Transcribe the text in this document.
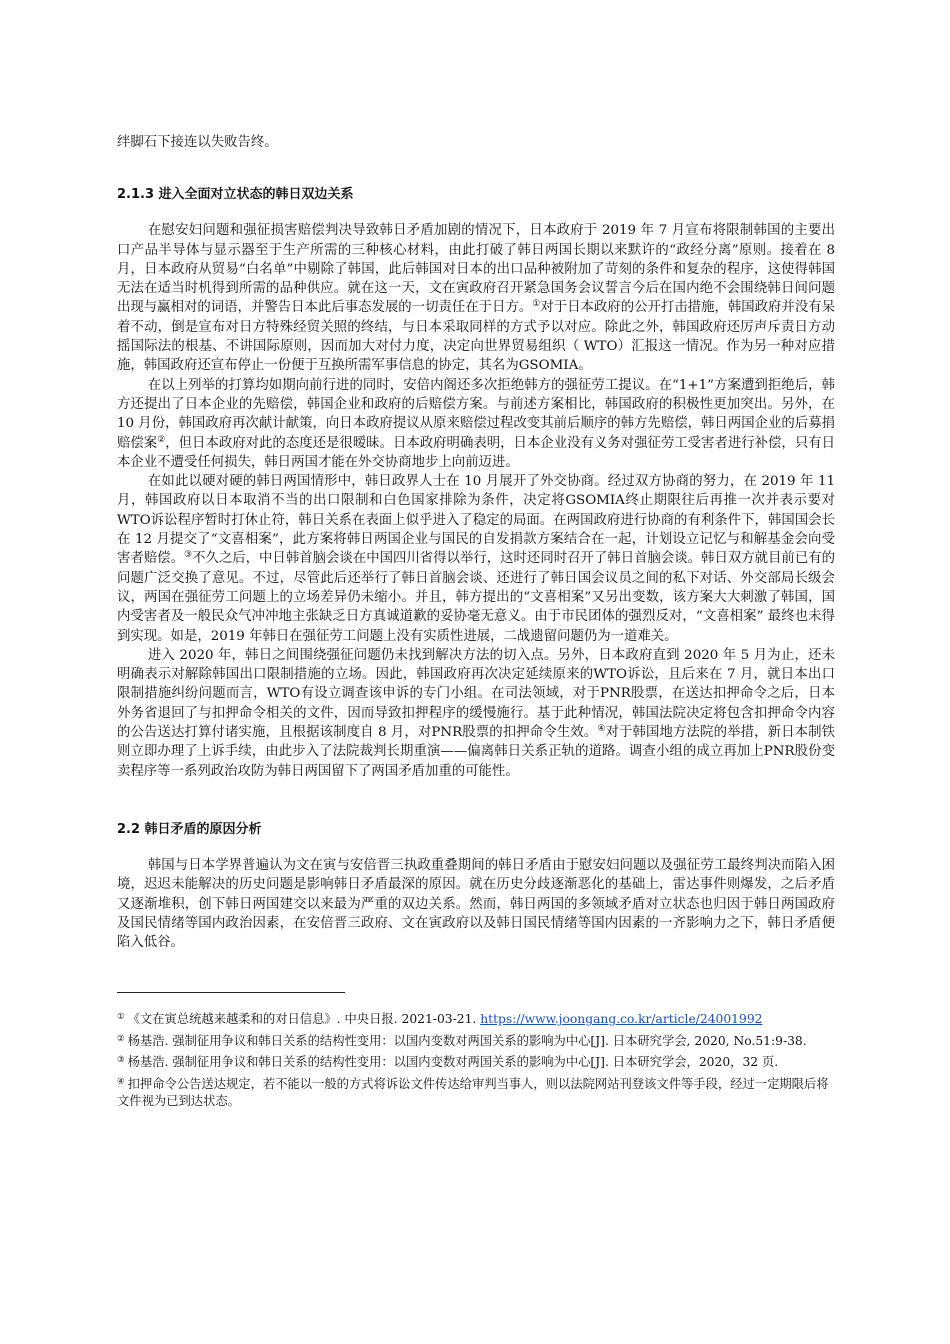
绊脚石下接连以失败告终。

2.1.3 进入全面对立状态的韩日双边关系

在慰安妇问题和强征损害赔偿判决导致韩日矛盾加剧的情况下，日本政府于 2019 年 7 月宣布将限制韩国的主要出口产品半导体与显示器至于生产所需的三种核心材料，由此打破了韩日两国长期以来默许的“政经分离”原则。接着在 8 月，日本政府从贸易“白名单”中剔除了韩国，此后韩国对日本的出口品种被附加了苛刻的条件和复杂的程序，这使得韩国无法在适当时机得到所需的品种供应。就在这一天，文在寅政府召开紧急国务会议誓言今后在国内绝不会围绕韩日间问题出现与赢相对的词语，并警告日本此后事态发展的一切责任在于日方。①对于日本政府的公开打击措施，韩国政府并没有呆着不动，倒是宣布对日方特殊经贸关照的终结，与日本采取同样的方式予以对应。除此之外，韩国政府还厉声斥责日方动摇国际法的根基、不讲国际原则，因而加大对付力度，决定向世界贸易组织（ WTO）汇报这一情况。作为另一种对应措施，韩国政府还宣布停止一份便于互换所需军事信息的协定，其名为GSOMIA。

在以上列举的打算均如期向前行进的同时，安倍内阁还多次拒绝韩方的强征劳工提议。在“1+1”方案遭到拒绝后，韩方还提出了日本企业的先赔偿，韩国企业和政府的后赔偿方案。与前述方案相比，韩国政府的积极性更加突出。另外，在 10 月份，韩国政府再次献计献策，向日本政府提议从原来赔偿过程改变其前后顺序的韩方先赔偿，韩日两国企业的后募捐赔偿案②，但日本政府对此的态度还是很暧昧。日本政府明确表明，日本企业没有义务对强征劳工受害者进行补偿，只有日本企业不遭受任何损失，韩日两国才能在外交协商地步上向前迈进。

在如此以硬对硬的韩日两国情形中，韩日政界人士在 10 月展开了外交协商。经过双方协商的努力，在 2019 年 11 月，韩国政府以日本取消不当的出口限制和白色国家排除为条件，决定将GSOMIA终止期限往后再推一次并表示要对WTO诉讼程序暂时打休止符，韩日关系在表面上似乎进入了稳定的局面。在两国政府进行协商的有利条件下，韩国国会长在 12 月提交了“文喜相案”，此方案将韩日两国企业与国民的自发捐款方案结合在一起，计划设立记忆与和解基金会向受害者赔偿。③不久之后，中日韩首脑会谈在中国四川省得以举行，这时还同时召开了韩日首脑会谈。韩日双方就目前已有的问题广泛交换了意见。不过，尽管此后还举行了韩日首脑会谈、还进行了韩日国会议员之间的私下对话、外交部局长级会议，两国在强征劳工问题上的立场差异仍未缩小。并且，韩方提出的“文喜相案”又另出变数，该方案大大刺激了韩国，国内受害者及一般民众气冲冲地主张缺乏日方真诚道歉的妥协毫无意义。由于市民团体的强烈反对，“文喜相案” 最终也未得到实现。如是，2019 年韩日在强征劳工问题上没有实质性进展，二战遗留问题仍为一道难关。

进入 2020 年，韩日之间围绕强征问题仍未找到解决方法的切入点。另外，日本政府直到 2020 年 5 月为止，还未明确表示对解除韩国出口限制措施的立场。因此，韩国政府再次决定延续原来的WTO诉讼，且后来在 7 月，就日本出口限制措施纠纷问题而言，WTO有设立调查该申诉的专门小组。在司法领域，对于PNR股票，在送达扣押命令之后，日本外务省退回了与扣押命令相关的文件，因而导致扣押程序的缓慢施行。基于此种情况，韩国法院决定将包含扣押命令内容的公告送达打算付诸实施，且根据该制度自 8 月，对PNR股票的扣押命令生效。④对于韩国地方法院的举措，新日本制铁则立即办理了上诉手续，由此步入了法院裁判长期重演——偏离韩日关系正轨的道路。调查小组的成立再加上PNR股份变卖程序等一系列政治攻防为韩日两国留下了两国矛盾加重的可能性。

2.2 韩日矛盾的原因分析

韩国与日本学界普遍认为文在寅与安倍晋三执政重叠期间的韩日矛盾由于慰安妇问题以及强征劳工最终判决而陷入困境，迟迟未能解决的历史问题是影响韩日矛盾最深的原因。就在历史分歧逐渐恶化的基础上，雷达事件则爆发，之后矛盾又逐渐堆积，创下韩日两国建交以来最为严重的双边关系。然而，韩日两国的多领域矛盾对立状态也归因于韩日两国政府及国民情绪等国内政治因素，在安倍晋三政府、文在寅政府以及韩日国民情绪等国内因素的一齐影响力之下，韩日矛盾便陷入低谷。

① 《文在寅总统越来越柔和的对日信息》. 中央日报. 2021-03-21. https://www.joongang.co.kr/article/24001992
② 杨基浩. 强制征用争议和韩日关系的结构性变用：以国内变数对两国关系的影响为中心[J]. 日本研究学会, 2020, No.51:9-38.
③ 杨基浩. 强制征用争议和韩日关系的结构性变用：以国内变数对两国关系的影响为中心[J]. 日本研究学会，2020，32 页.
④ 扣押命令公告送达规定，若不能以一般的方式将诉讼文件传达给审判当事人，则以法院网站刊登该文件等手段，经过一定期限后将文件视为已到达状态。
